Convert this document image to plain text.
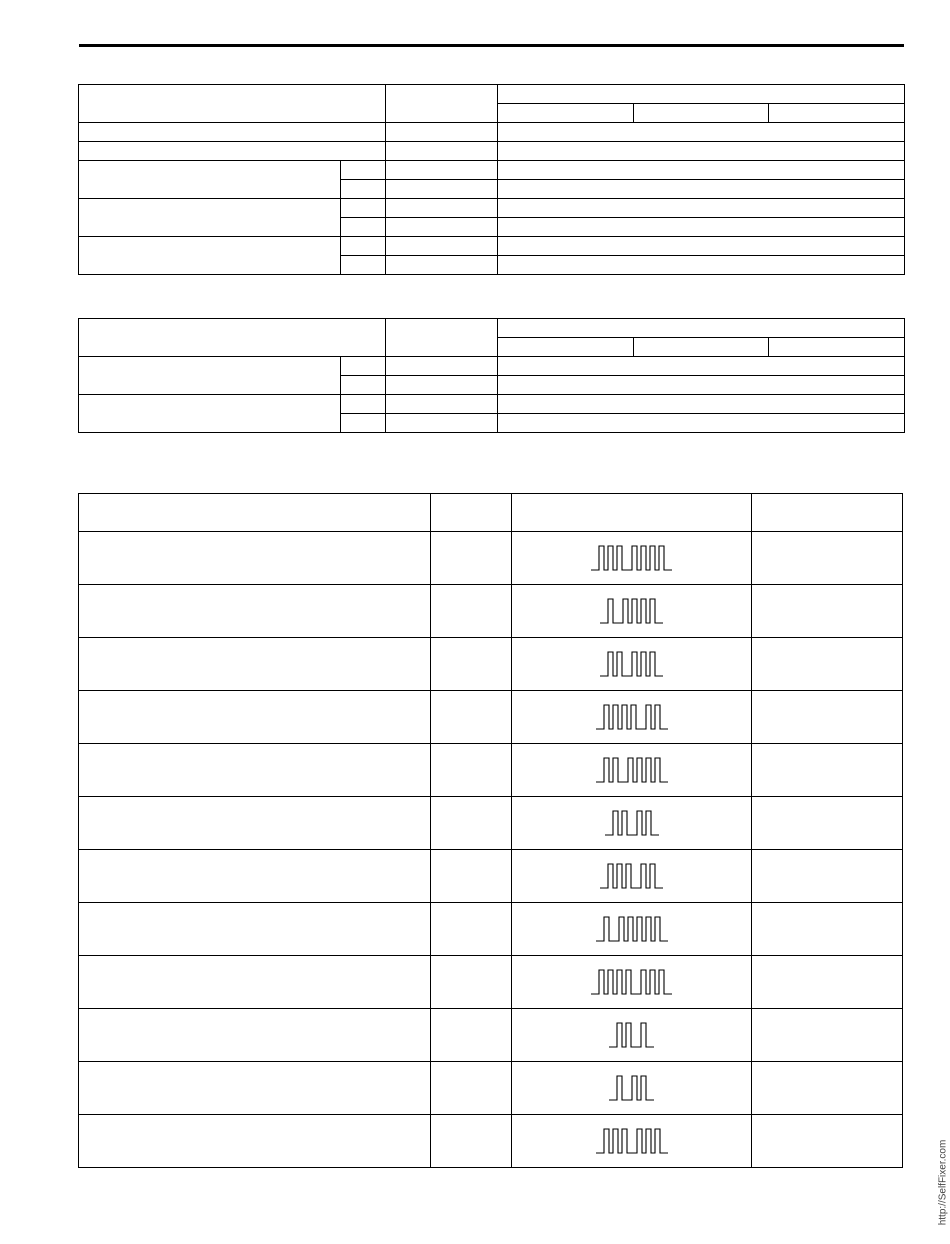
http://SelfFixer.com
